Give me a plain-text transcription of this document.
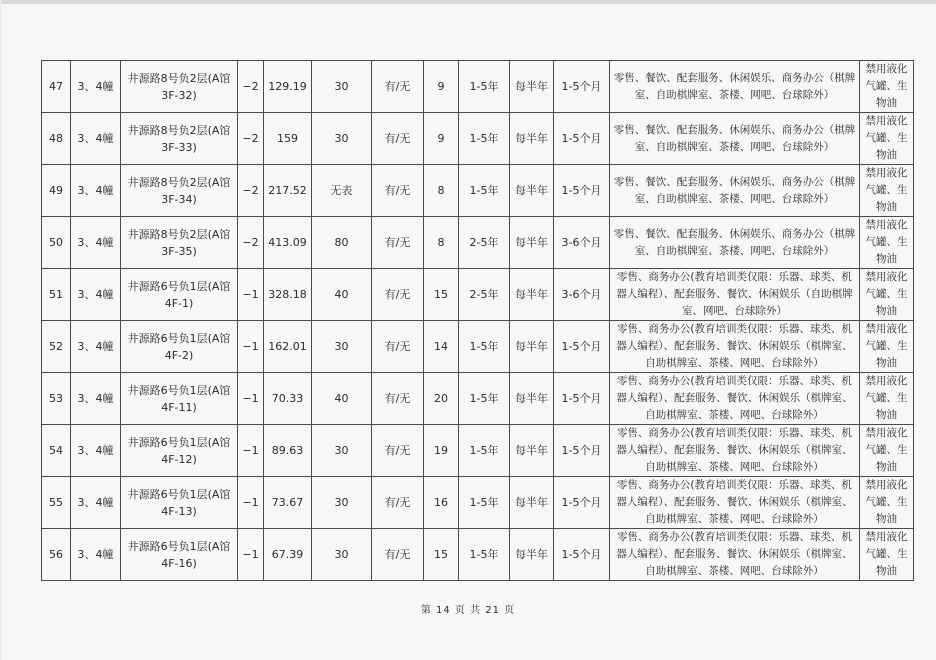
47	3、4幢	井源路8号负2层(A馆3F-32)	−2	129.19	30	有/无	9	1-5年	每半年	1-5个月	零售、餐饮、配套服务、休闲娱乐、商务办公（棋牌室、自助棋牌室、茶楼、网吧、台球除外）	禁用液化气罐、生物油
48	3、4幢	井源路8号负2层(A馆3F-33)	−2	159	30	有/无	9	1-5年	每半年	1-5个月	零售、餐饮、配套服务、休闲娱乐、商务办公（棋牌室、自助棋牌室、茶楼、网吧、台球除外）	禁用液化气罐、生物油
49	3、4幢	井源路8号负2层(A馆3F-34)	−2	217.52	无表	有/无	8	1-5年	每半年	1-5个月	零售、餐饮、配套服务、休闲娱乐、商务办公（棋牌室、自助棋牌室、茶楼、网吧、台球除外）	禁用液化气罐、生物油
50	3、4幢	井源路8号负2层(A馆3F-35)	−2	413.09	80	有/无	8	2-5年	每半年	3-6个月	零售、餐饮、配套服务、休闲娱乐、商务办公（棋牌室、自助棋牌室、茶楼、网吧、台球除外）	禁用液化气罐、生物油
51	3、4幢	井源路6号负1层(A馆4F-1)	−1	328.18	40	有/无	15	2-5年	每半年	3-6个月	零售、商务办公(教育培训类仅限：乐器、球类、机器人编程）、配套服务、餐饮、休闲娱乐（自助棋牌室、网吧、台球除外）	禁用液化气罐、生物油
52	3、4幢	井源路6号负1层(A馆4F-2)	−1	162.01	30	有/无	14	1-5年	每半年	1-5个月	零售、商务办公(教育培训类仅限：乐器、球类、机器人编程）、配套服务、餐饮、休闲娱乐（棋牌室、自助棋牌室、茶楼、网吧、台球除外）	禁用液化气罐、生物油
53	3、4幢	井源路6号负1层(A馆4F-11)	−1	70.33	40	有/无	20	1-5年	每半年	1-5个月	零售、商务办公(教育培训类仅限：乐器、球类、机器人编程）、配套服务、餐饮、休闲娱乐（棋牌室、自助棋牌室、茶楼、网吧、台球除外）	禁用液化气罐、生物油
54	3、4幢	井源路6号负1层(A馆4F-12)	−1	89.63	30	有/无	19	1-5年	每半年	1-5个月	零售、商务办公(教育培训类仅限：乐器、球类、机器人编程）、配套服务、餐饮、休闲娱乐（棋牌室、自助棋牌室、茶楼、网吧、台球除外）	禁用液化气罐、生物油
55	3、4幢	井源路6号负1层(A馆4F-13)	−1	73.67	30	有/无	16	1-5年	每半年	1-5个月	零售、商务办公(教育培训类仅限：乐器、球类、机器人编程）、配套服务、餐饮、休闲娱乐（棋牌室、自助棋牌室、茶楼、网吧、台球除外）	禁用液化气罐、生物油
56	3、4幢	井源路6号负1层(A馆4F-16)	−1	67.39	30	有/无	15	1-5年	每半年	1-5个月	零售、商务办公(教育培训类仅限：乐器、球类、机器人编程）、配套服务、餐饮、休闲娱乐（棋牌室、自助棋牌室、茶楼、网吧、台球除外）	禁用液化气罐、生物油
第 14 页 共 21 页
